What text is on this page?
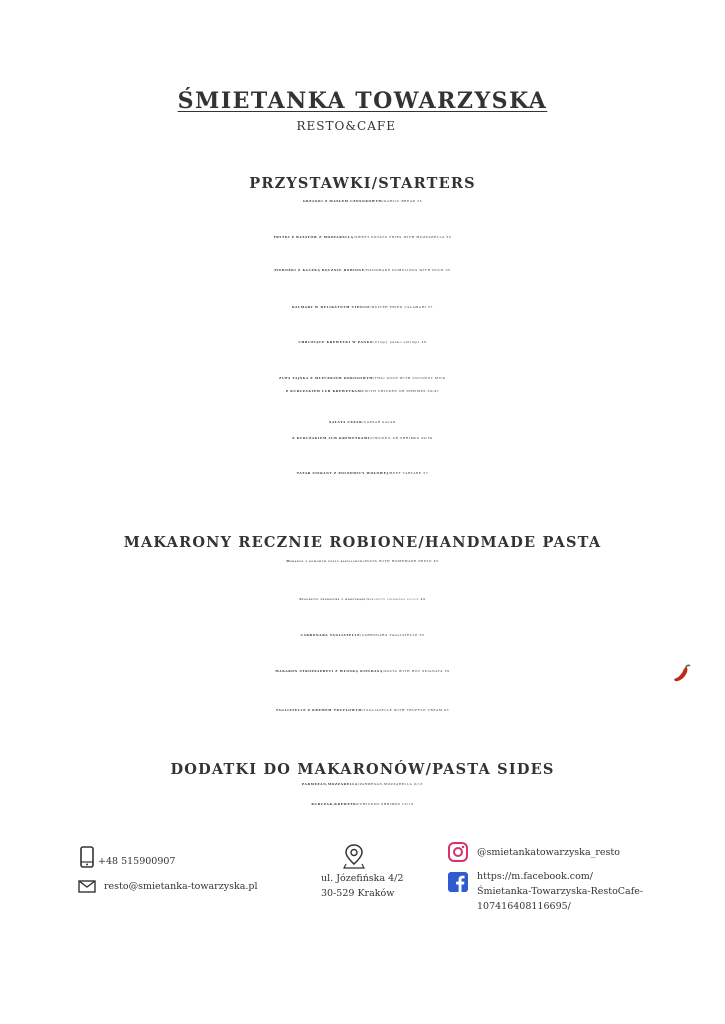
ŚMIETANKA TOWARZYSKA
RESTO&CAFE
PRZYSTAWKI/STARTERS
GRZANKI Z MASŁEM CZOSNKOWYM/GARLIC BREAD 25
FRYTKI Z BATATÓW Z MOZZARELLĄ/SWEET POTATO FRIES WITH MOZZARELLA 33
PIEROŻKI Z KACZKĄ RĘCZNIE ROBIONE/HANDMADE DUMPLINGS WITH DUCK 35
KALMARY W DELIKATNYM CIEŚCIE/BATTER FRIED CALAMARI 37
CHRUPIĄCE KREWETKI W PANKO/Crispy panko shrimps 39
ZUPA TAJSKA Z MLECZKIEM KOKOSOWYM/THAI SOUP WITH COCONUT MILK
Z KURCZAKIEM LUB KREWETKAMI/WITH CHICKEN OR SHRIMPS 39/47
SAŁATA CEZAR/CAESAR SALAD
Z KURCZAKIEM LUB KREWETKAMI/CHICKEN OR SHRIMPS 49/59
TATAR SIEKANY Z POLĘDWICY WOŁOWEJ/BEEF TARTARE 57
MAKARONY RECZNIE ROBIONE/HANDMADE PASTA
Makaron z domowym pesto bazyliowym/PASTA WITH HOMEMADE PESTO 45
Spaghetti primavera z warzywami/Spaghetti primavera veggie 49
CARBONARA TAGLIATELLE/CARBONARA TAGLIATELLE 55
MAKARON STROZZAPRETI Z WŁOSKĄ KIEŁBASĄ/PASTA WITH HOT SPIANATA 59
TAGLIATELLE Z KREMEM TRUFLOWYM/TAGLIATELLE WITH TRUFFLE CREAM 63
DODATKI DO MAKARONÓW/PASTA SIDES
PARMEZAN,MOZZARELLA/PARMESAN,MOZZARELLA 9/13
KURCZAK,KREWETKI/CHICKEN,SHRIMPS 13/19
+48 515900907
resto@smietanka-towarzyska.pl
ul. Józefińska 4/2
30-529 Kraków
@smietankatowarzyska_resto
https://m.facebook.com/
Śmietanka-Towarzyska-RestoCafe-
107416408116695/
